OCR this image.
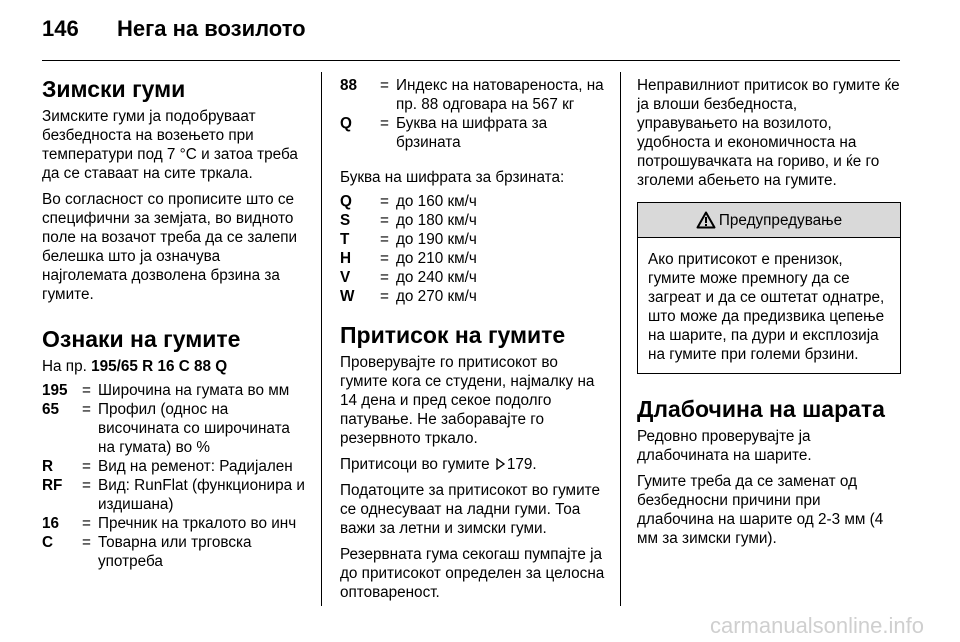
146 Нега на возилото
Зимски гуми

Зимските гуми ја подобруваат безбедноста на возењето при температури под 7 °C и затоа треба да се ставаат на сите тркала.

Во согласност со прописите што се специфични за земјата, во видното поле на возачот треба да се залепи белешка што ја означува најголемата дозволена брзина за гумите.

Ознаки на гумите

На пр. 195/65 R 16 C 88 Q

195 = Широчина на гумата во мм
65	= Профил (однос на височината со широчината на гумата) во %
R	= Вид на ременот: Радијален
RF	= Вид: RunFlat (функционира и издишана)
16	= Пречник на тркалото во инч
C	= Товарна или трговска употреба
88	= Индекс на натовареноста, на пр. 88 одговара на 567 кг
Q	= Буква на шифрата за брзината

Буква на шифрата за брзината:

Q	= до 160 км/ч
S	= до 180 км/ч
T	= до 190 км/ч
H	= до 210 км/ч
V	= до 240 км/ч
W	= до 270 км/ч
Притисок на гумите

Проверувајте го притисокот во гумите кога се студени, најмалку на 14 дена и пред секое подолго патување. Не заборавајте го резервното тркало.

Притисоци во гумите 179.

Податоците за притисокот во гумите се однесуваат на ладни гуми. Тоа важи за летни и зимски гуми.

Резервната гума секогаш пумпајте ја до притисокот определен за целосна оптовареност.

Неправилниот притисок во гумите ќе ја влоши безбедноста, управувањето на возилото, удобноста и економичноста на потрошувачката на гориво, и ќе го зголеми абењето на гумите.

Предупредување
Ако притисокот е пренизок, гумите може премногу да се загреат и да се оштетат однатре, што може да предизвика цепење на шарите, па дури и експлозија на гумите при големи брзини.
Длабочина на шарата

Редовно проверувајте ја длабочината на шарите.

Гумите треба да се заменат од безбедносни причини при длабочина на шарите од 2-3 мм (4 мм за зимски гуми).

carmanualsonline.info
